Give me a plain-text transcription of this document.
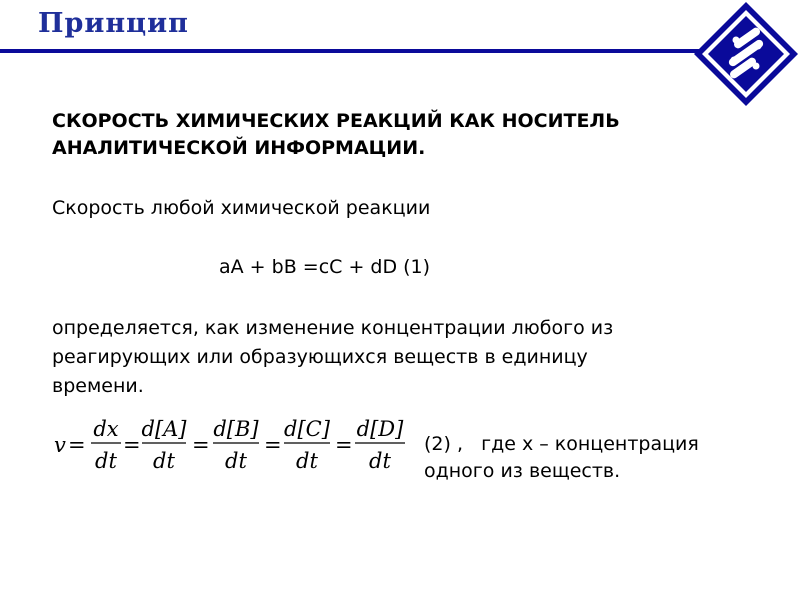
Принцип
СКОРОСТЬ ХИМИЧЕСКИХ РЕАКЦИЙ КАК НОСИТЕЛЬ
АНАЛИТИЧЕСКОЙ ИНФОРМАЦИИ.
Скорость любой химической реакции
aA + bB =cC + dD (1)
определяется, как изменение концентрации любого из
реагирующих или образующихся веществ в единицу
времени.
v =
dx
dt
=
d[A]
dt
=
d[B]
dt
=
d[C]
dt
=
d[D]
dt
(2) ,   где x – концентрация
одного из веществ.
